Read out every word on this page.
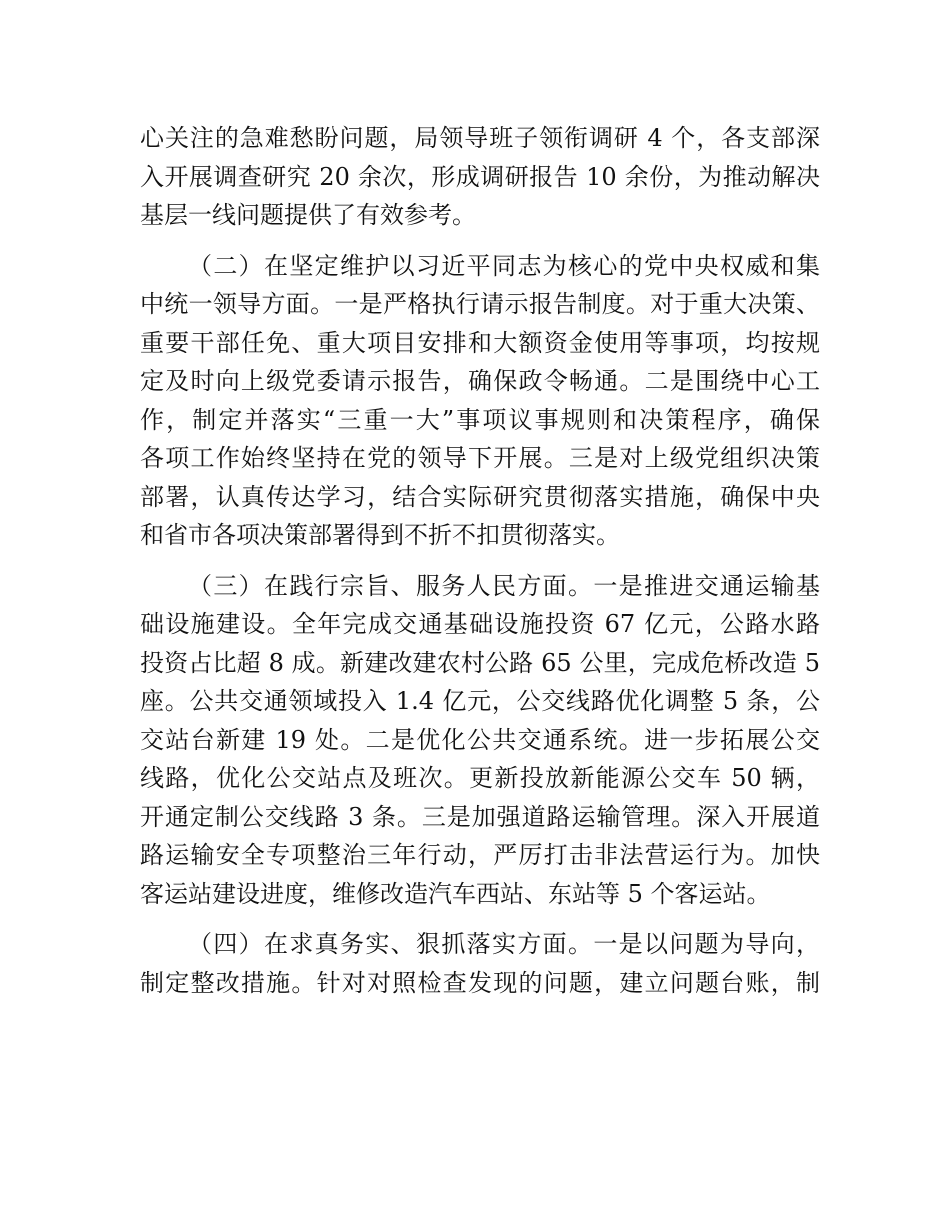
心关注的急难愁盼问题，局领导班子领衔调研 4 个，各支部深
入开展调查研究 20 余次，形成调研报告 10 余份，为推动解决
基层一线问题提供了有效参考。
（二）在坚定维护以习近平同志为核心的党中央权威和集
中统一领导方面。一是严格执行请示报告制度。对于重大决策、
重要干部任免、重大项目安排和大额资金使用等事项，均按规
定及时向上级党委请示报告，确保政令畅通。二是围绕中心工
作，制定并落实“三重一大”事项议事规则和决策程序，确保
各项工作始终坚持在党的领导下开展。三是对上级党组织决策
部署，认真传达学习，结合实际研究贯彻落实措施，确保中央
和省市各项决策部署得到不折不扣贯彻落实。
（三）在践行宗旨、服务人民方面。一是推进交通运输基
础设施建设。全年完成交通基础设施投资 67 亿元，公路水路
投资占比超 8 成。新建改建农村公路 65 公里，完成危桥改造 5
座。公共交通领域投入 1.4 亿元，公交线路优化调整 5 条，公
交站台新建 19 处。二是优化公共交通系统。进一步拓展公交
线路，优化公交站点及班次。更新投放新能源公交车 50 辆，
开通定制公交线路 3 条。三是加强道路运输管理。深入开展道
路运输安全专项整治三年行动，严厉打击非法营运行为。加快
客运站建设进度，维修改造汽车西站、东站等 5 个客运站。
（四）在求真务实、狠抓落实方面。一是以问题为导向，
制定整改措施。针对对照检查发现的问题，建立问题台账，制
